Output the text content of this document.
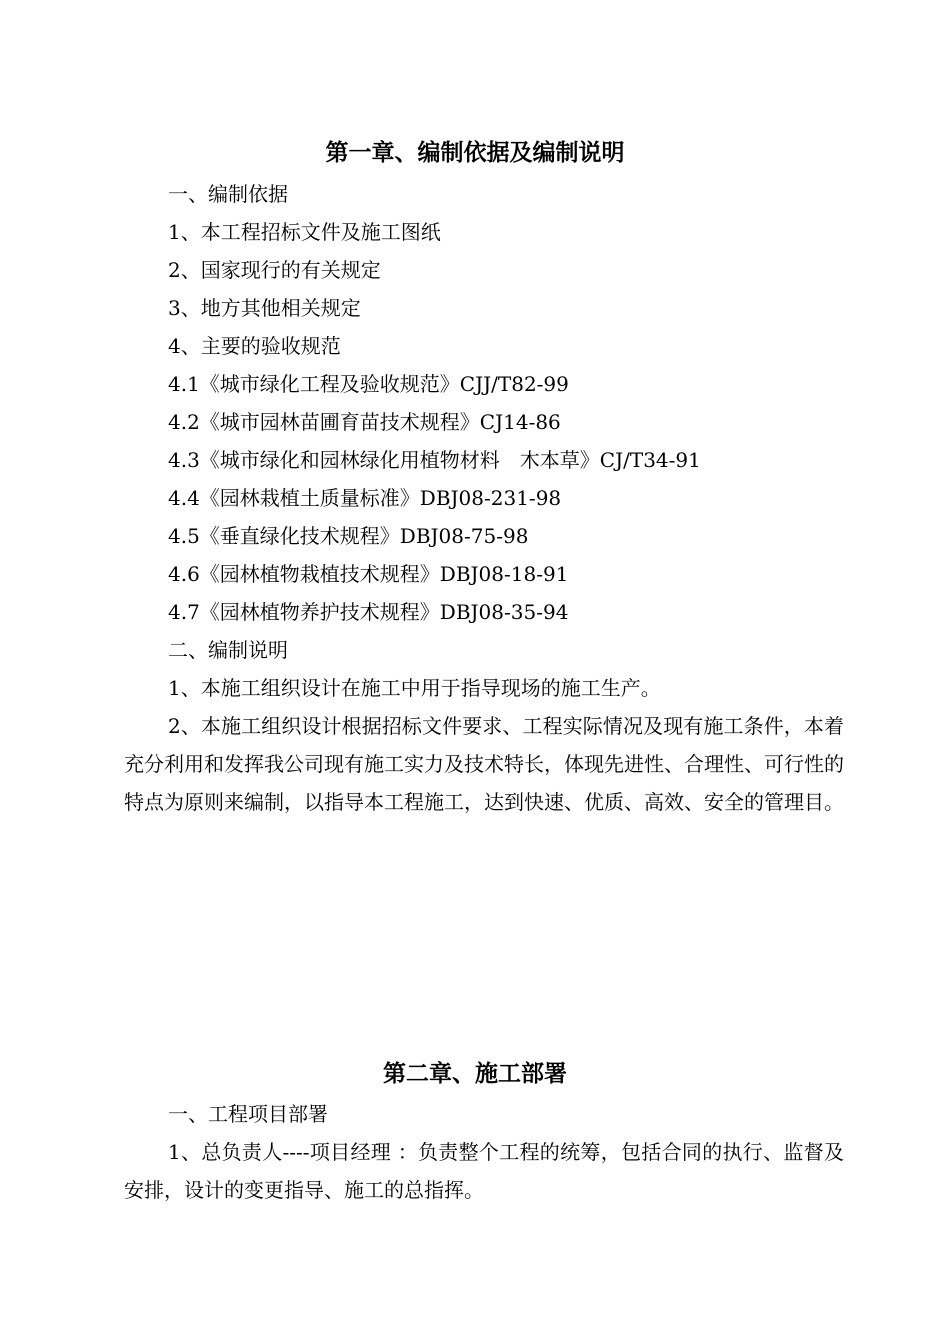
第一章、编制依据及编制说明

一、编制依据

1、本工程招标文件及施工图纸

2、国家现行的有关规定

3、地方其他相关规定

4、主要的验收规范

4.1《城市绿化工程及验收规范》CJJ/T82-99

4.2《城市园林苗圃育苗技术规程》CJ14-86

4.3《城市绿化和园林绿化用植物材料　木本草》CJ/T34-91

4.4《园林栽植土质量标准》DBJ08-231-98

4.5《垂直绿化技术规程》DBJ08-75-98

4.6《园林植物栽植技术规程》DBJ08-18-91

4.7《园林植物养护技术规程》DBJ08-35-94

二、编制说明

1、本施工组织设计在施工中用于指导现场的施工生产。

2、本施工组织设计根据招标文件要求、工程实际情况及现有施工条件，本着充分利用和发挥我公司现有施工实力及技术特长，体现先进性、合理性、可行性的特点为原则来编制，以指导本工程施工，达到快速、优质、高效、安全的管理目。

第二章、施工部署

一、工程项目部署

1、总负责人----项目经理 ：负责整个工程的统筹，包括合同的执行、监督及安排，设计的变更指导、施工的总指挥。
